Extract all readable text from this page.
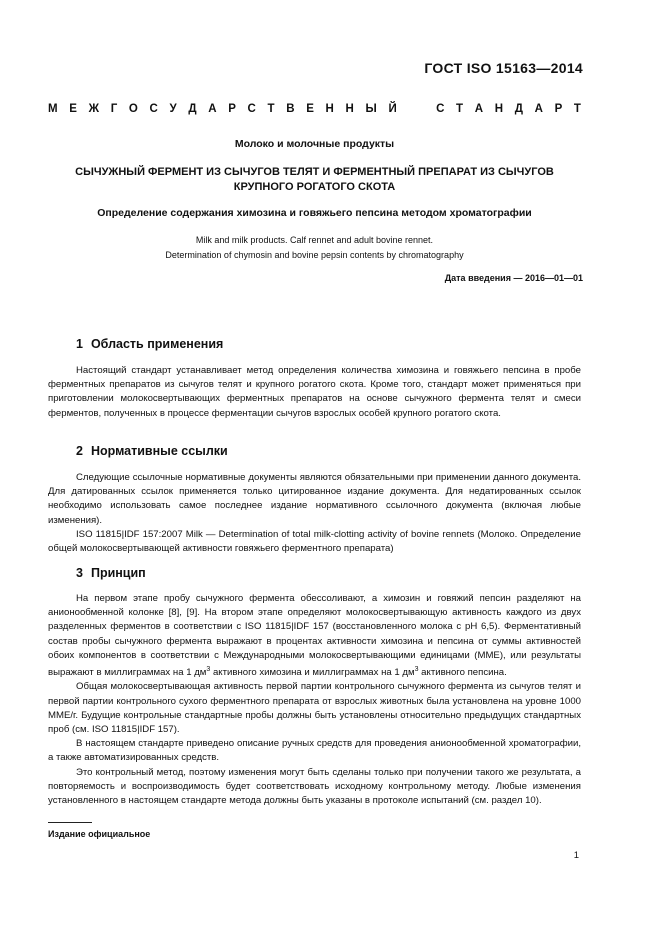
ГОСТ ISO 15163—2014
М Е Ж Г О С У Д А Р С Т В Е Н Н Ы Й
	С Т А Н Д А Р Т
Молоко и молочные продукты
СЫЧУЖНЫЙ ФЕРМЕНТ ИЗ СЫЧУГОВ ТЕЛЯТ И ФЕРМЕНТНЫЙ ПРЕПАРАТ ИЗ СЫЧУГОВ
КРУПНОГО РОГАТОГО СКОТА
Определение содержания химозина и говяжьего пепсина методом хроматографии
Milk and milk products. Calf rennet and adult bovine rennet.
Determination of chymosin and bovine pepsin contents by chromatography
Дата введения — 2016—01—01
1 Область применения

Настоящий стандарт устанавливает метод определения количества химозина и говяжьего пепсина в пробе ферментных препаратов из сычугов телят и крупного рогатого скота. Кроме того, стандарт может применяться при приготовлении молокосвертывающих ферментных препаратов на основе сычужного фермента телят и смеси ферментов, полученных в процессе ферментации сычугов взрослых особей крупного рогатого скота.

2 Нормативные ссылки

Следующие ссылочные нормативные документы являются обязательными при применении данного документа. Для датированных ссылок применяется только цитированное издание документа. Для недатированных ссылок необходимо использовать самое последнее издание нормативного ссылочного документа (включая любые изменения).

ISO 11815|IDF 157:2007 Milk — Determination of total milk-clotting activity of bovine rennets (Молоко. Определение общей молокосвертывающей активности говяжьего ферментного препарата)

3 Принцип

На первом этапе пробу сычужного фермента обессоливают, а химозин и говяжий пепсин разделяют на анионообменной колонке [8], [9]. На втором этапе определяют молокосвертывающую активность каждого из двух разделенных ферментов в соответствии с ISO 11815|IDF 157 (восстановленного молока с рН 6,5). Ферментативный состав пробы сычужного фермента выражают в процентах активности химозина и пепсина от суммы активностей обоих компонентов в соответствии с Международными молокосвертывающими единицами (ММЕ), или результаты выражают в миллиграммах на 1 $дм^3$ активного химозина и миллиграммах на 1 $дм^3$ активного пепсина.

Общая молокосвертывающая активность первой партии контрольного сычужного фермента из сычугов телят и первой партии контрольного сухого ферментного препарата от взрослых животных была установлена на уровне 1000 ММЕ/г. Будущие контрольные стандартные пробы должны быть установлены относительно предыдущих стандартных проб (см. ISO 11815|IDF 157).

В настоящем стандарте приведено описание ручных средств для проведения анионообменной хроматографии, а также автоматизированных средств.

Это контрольный метод, поэтому изменения могут быть сделаны только при получении такого же результата, а повторяемость и воспроизводимость будет соответствовать исходному контрольному методу. Любые изменения установленного в настоящем стандарте метода должны быть указаны в протоколе испытаний (см. раздел 10).

Издание официальное
1
